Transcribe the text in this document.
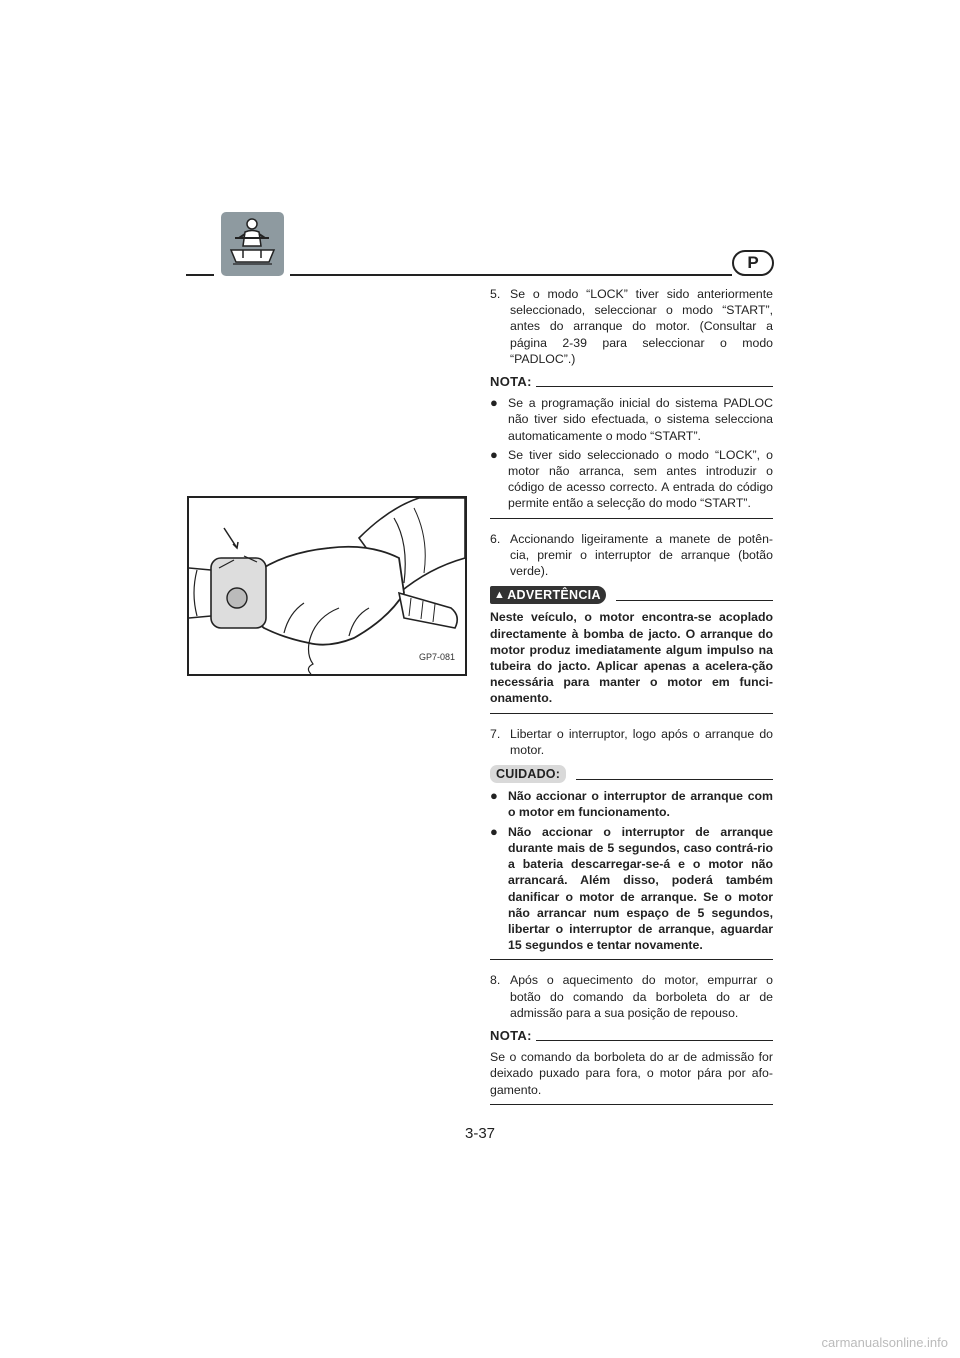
P
GP7-081
5. Se o modo “LOCK” tiver sido anteriormente seleccionado, seleccionar o modo “START”, antes do arranque do motor. (Consultar a página 2-39 para seleccionar o modo “PADLOC”.)
NOTA:
● Se a programação inicial do sistema PADLOC não tiver sido efectuada, o sistema selecciona automaticamente o modo “START”.
● Se tiver sido seleccionado o modo “LOCK”, o motor não arranca, sem antes introduzir o código de acesso correcto. A entrada do código permite então a selecção do modo “START”.
6. Accionando ligeiramente a manete de potên-cia, premir o interruptor de arranque (botão verde).
▲ ADVERTÊNCIA
Neste veículo, o motor encontra-se acoplado directamente à bomba de jacto. O arranque do motor produz imediatamente algum impulso na tubeira do jacto. Aplicar apenas a acelera-ção necessária para manter o motor em funci-onamento.
7. Libertar o interruptor, logo após o arranque do motor.
CUIDADO:
● Não accionar o interruptor de arranque com o motor em funcionamento.
● Não accionar o interruptor de arranque durante mais de 5 segundos, caso contrá-rio a bateria descarregar-se-á e o motor não arrancará. Além disso, poderá também danificar o motor de arranque. Se o motor não arrancar num espaço de 5 segundos, libertar o interruptor de arranque, aguardar 15 segundos e tentar novamente.
8. Após o aquecimento do motor, empurrar o botão do comando da borboleta do ar de admissão para a sua posição de repouso.
NOTA:
Se o comando da borboleta do ar de admissão for deixado puxado para fora, o motor pára por afo-gamento.
3-37
carmanualsonline.info
